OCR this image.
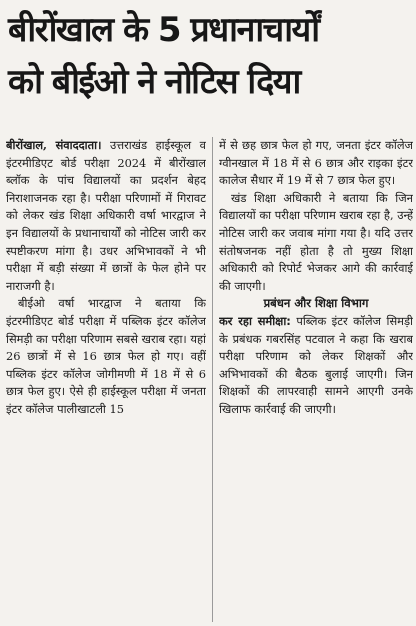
बीरोंखाल के 5 प्रधानाचार्यों
को बीईओ ने नोटिस दिया

बीरोंखाल, संवाददाता। उत्तराखंड हाईस्कूल व इंटरमीडिएट बोर्ड परीक्षा 2024 में बीरोंखाल ब्लॉक के पांच विद्यालयों का प्रदर्शन बेहद निराशाजनक रहा है। परीक्षा परिणामों में गिरावट को लेकर खंड शिक्षा अधिकारी वर्षा भारद्वाज ने इन विद्यालयों के प्रधानाचार्यों को नोटिस जारी कर स्पष्टीकरण मांगा है। उधर अभिभावकों ने भी परीक्षा में बड़ी संख्या में छात्रों के फेल होने पर नाराजगी है।

बीईओ वर्षा भारद्वाज ने बताया कि इंटरमीडिएट बोर्ड परीक्षा में पब्लिक इंटर कॉलेज सिमड़ी का परीक्षा परिणाम सबसे खराब रहा। यहां 26 छात्रों में से 16 छात्र फेल हो गए। वहीं पब्लिक इंटर कॉलेज जोगीमणी में 18 में से 6 छात्र फेल हुए। ऐसे ही हाईस्कूल परीक्षा में जनता इंटर कॉलेज पालीखाटली 15

में से छह छात्र फेल हो गए, जनता इंटर कॉलेज ग्वीनखाल में 18 में से 6 छात्र और राइका इंटर कालेज सैधार में 19 में से 7 छात्र फेल हुए।

खंड शिक्षा अधिकारी ने बताया कि जिन विद्यालयों का परीक्षा परिणाम खराब रहा है, उन्हें नोटिस जारी कर जवाब मांगा गया है। यदि उत्तर संतोषजनक नहीं होता है तो मुख्य शिक्षा अधिकारी को रिपोर्ट भेजकर आगे की कार्रवाई की जाएगी।

प्रबंधन और शिक्षा विभाग

कर रहा समीक्षा: पब्लिक इंटर कॉलेज सिमड़ी के प्रबंधक गबरसिंह पटवाल ने कहा कि खराब परीक्षा परिणाम को लेकर शिक्षकों और अभिभावकों की बैठक बुलाई जाएगी। जिन शिक्षकों की लापरवाही सामने आएगी उनके खिलाफ कार्रवाई की जाएगी।
